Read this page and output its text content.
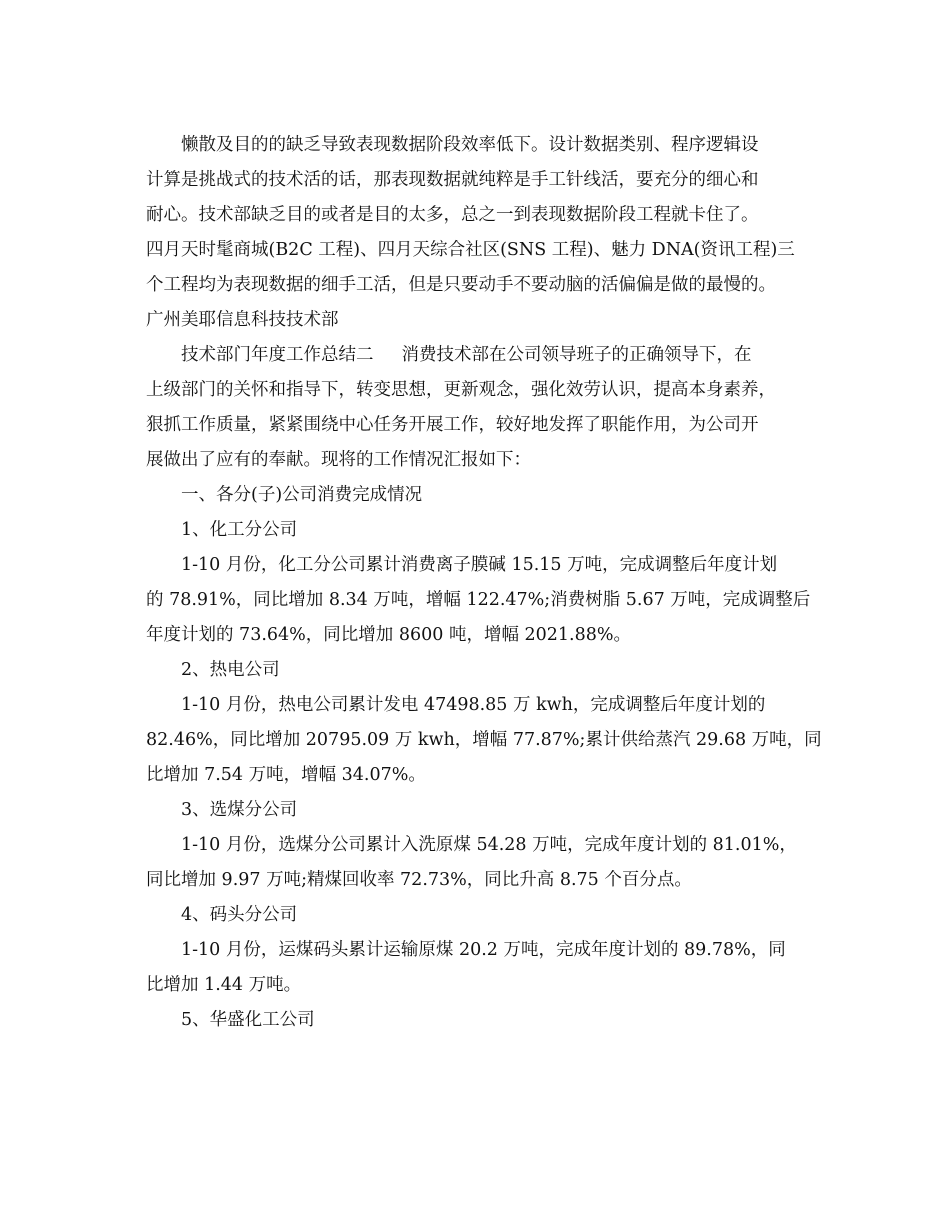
懒散及目的的缺乏导致表现数据阶段效率低下。设计数据类别、程序逻辑设
计算是挑战式的技术活的话，那表现数据就纯粹是手工针线活，要充分的细心和
耐心。技术部缺乏目的或者是目的太多，总之一到表现数据阶段工程就卡住了。
四月天时髦商城(B2C 工程)、四月天综合社区(SNS 工程)、魅力 DNA(资讯工程)三
个工程均为表现数据的细手工活，但是只要动手不要动脑的活偏偏是做的最慢的。
广州美耶信息科技技术部
技术部门年度工作总结二 消费技术部在公司领导班子的正确领导下，在
上级部门的关怀和指导下，转变思想，更新观念，强化效劳认识，提高本身素养，
狠抓工作质量，紧紧围绕中心任务开展工作，较好地发挥了职能作用，为公司开
展做出了应有的奉献。现将的工作情况汇报如下：
一、各分(子)公司消费完成情况
1、化工分公司
1-10 月份，化工分公司累计消费离子膜碱 15.15 万吨，完成调整后年度计划
的 78.91%，同比增加 8.34 万吨，增幅 122.47%;消费树脂 5.67 万吨，完成调整后
年度计划的 73.64%，同比增加 8600 吨，增幅 2021.88%。
2、热电公司
1-10 月份，热电公司累计发电 47498.85 万 kwh，完成调整后年度计划的
82.46%，同比增加 20795.09 万 kwh，增幅 77.87%;累计供给蒸汽 29.68 万吨，同
比增加 7.54 万吨，增幅 34.07%。
3、选煤分公司
1-10 月份，选煤分公司累计入洗原煤 54.28 万吨，完成年度计划的 81.01%，
同比增加 9.97 万吨;精煤回收率 72.73%，同比升高 8.75 个百分点。
4、码头分公司
1-10 月份，运煤码头累计运输原煤 20.2 万吨，完成年度计划的 89.78%，同
比增加 1.44 万吨。
5、华盛化工公司
